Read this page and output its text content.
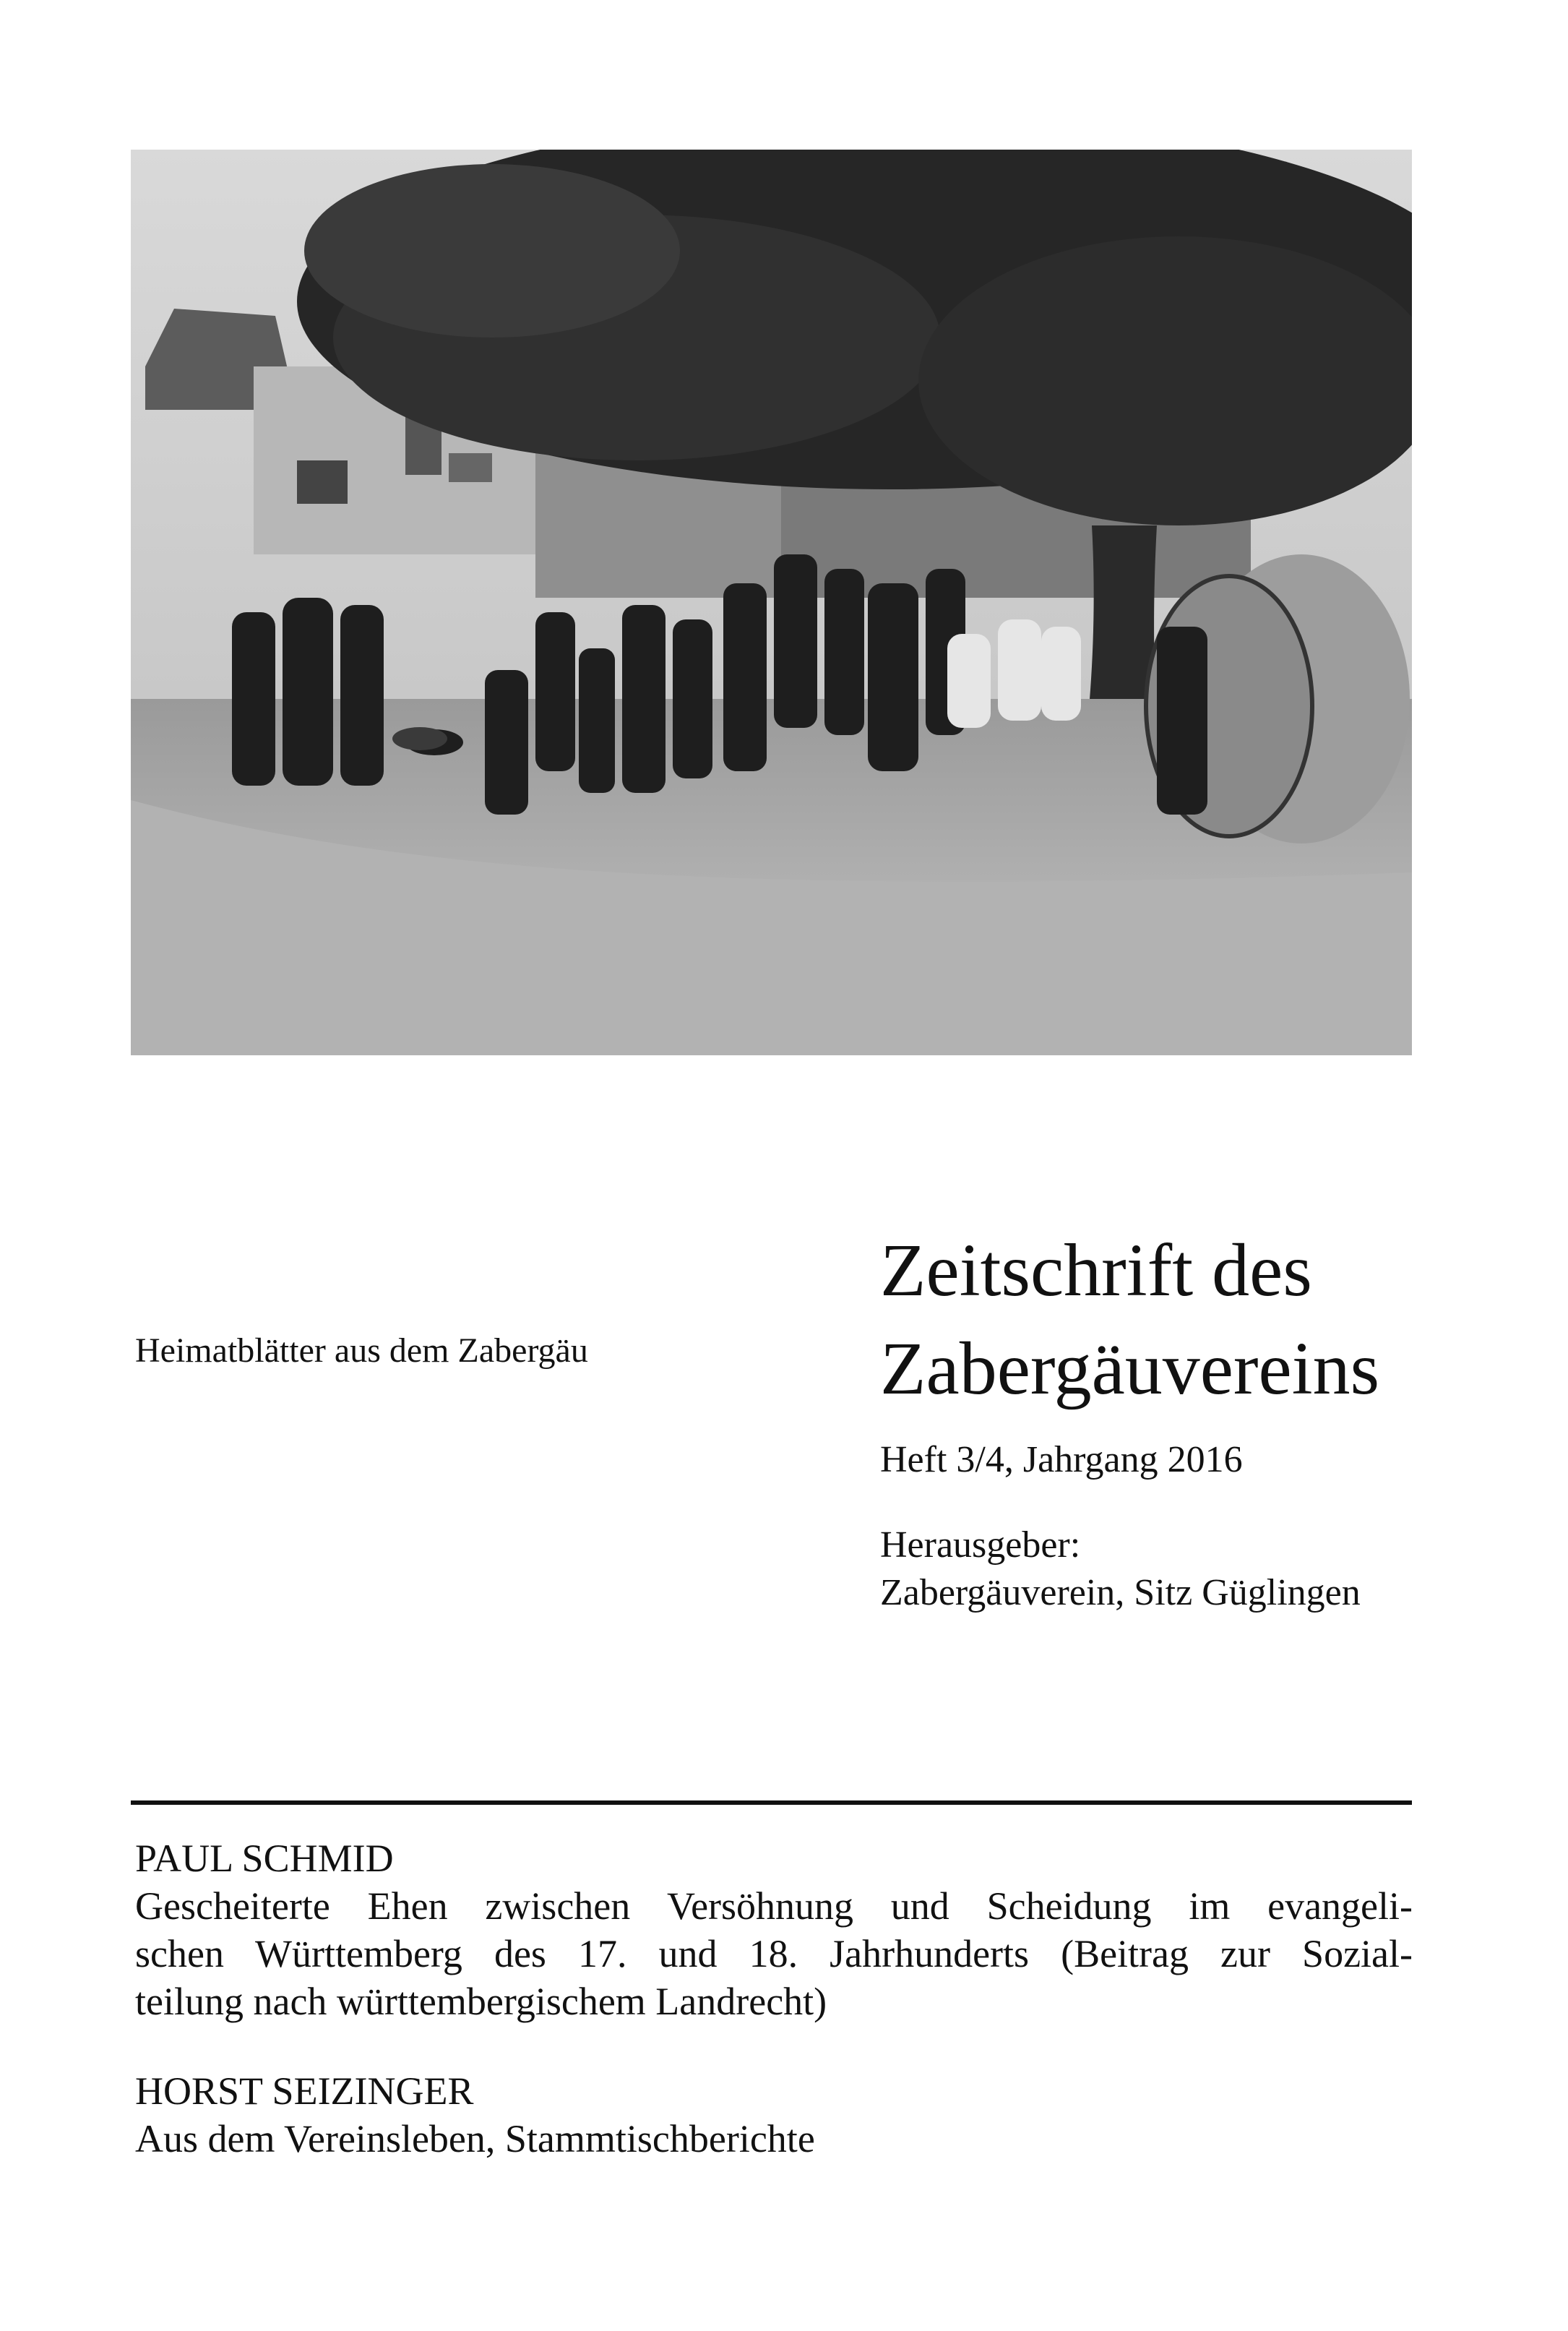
Heimatblätter aus dem Zabergäu
Zeitschrift des
Zabergäuvereins
Heft 3/4, Jahrgang 2016
Herausgeber:
Zabergäuverein, Sitz Güglingen
PAUL SCHMID
Gescheiterte Ehen zwischen Versöhnung und Scheidung im evangeli-
schen Württemberg des 17. und 18. Jahrhunderts (Beitrag zur Sozial-
teilung nach württembergischem Landrecht)
HORST SEIZINGER
Aus dem Vereinsleben, Stammtischberichte
